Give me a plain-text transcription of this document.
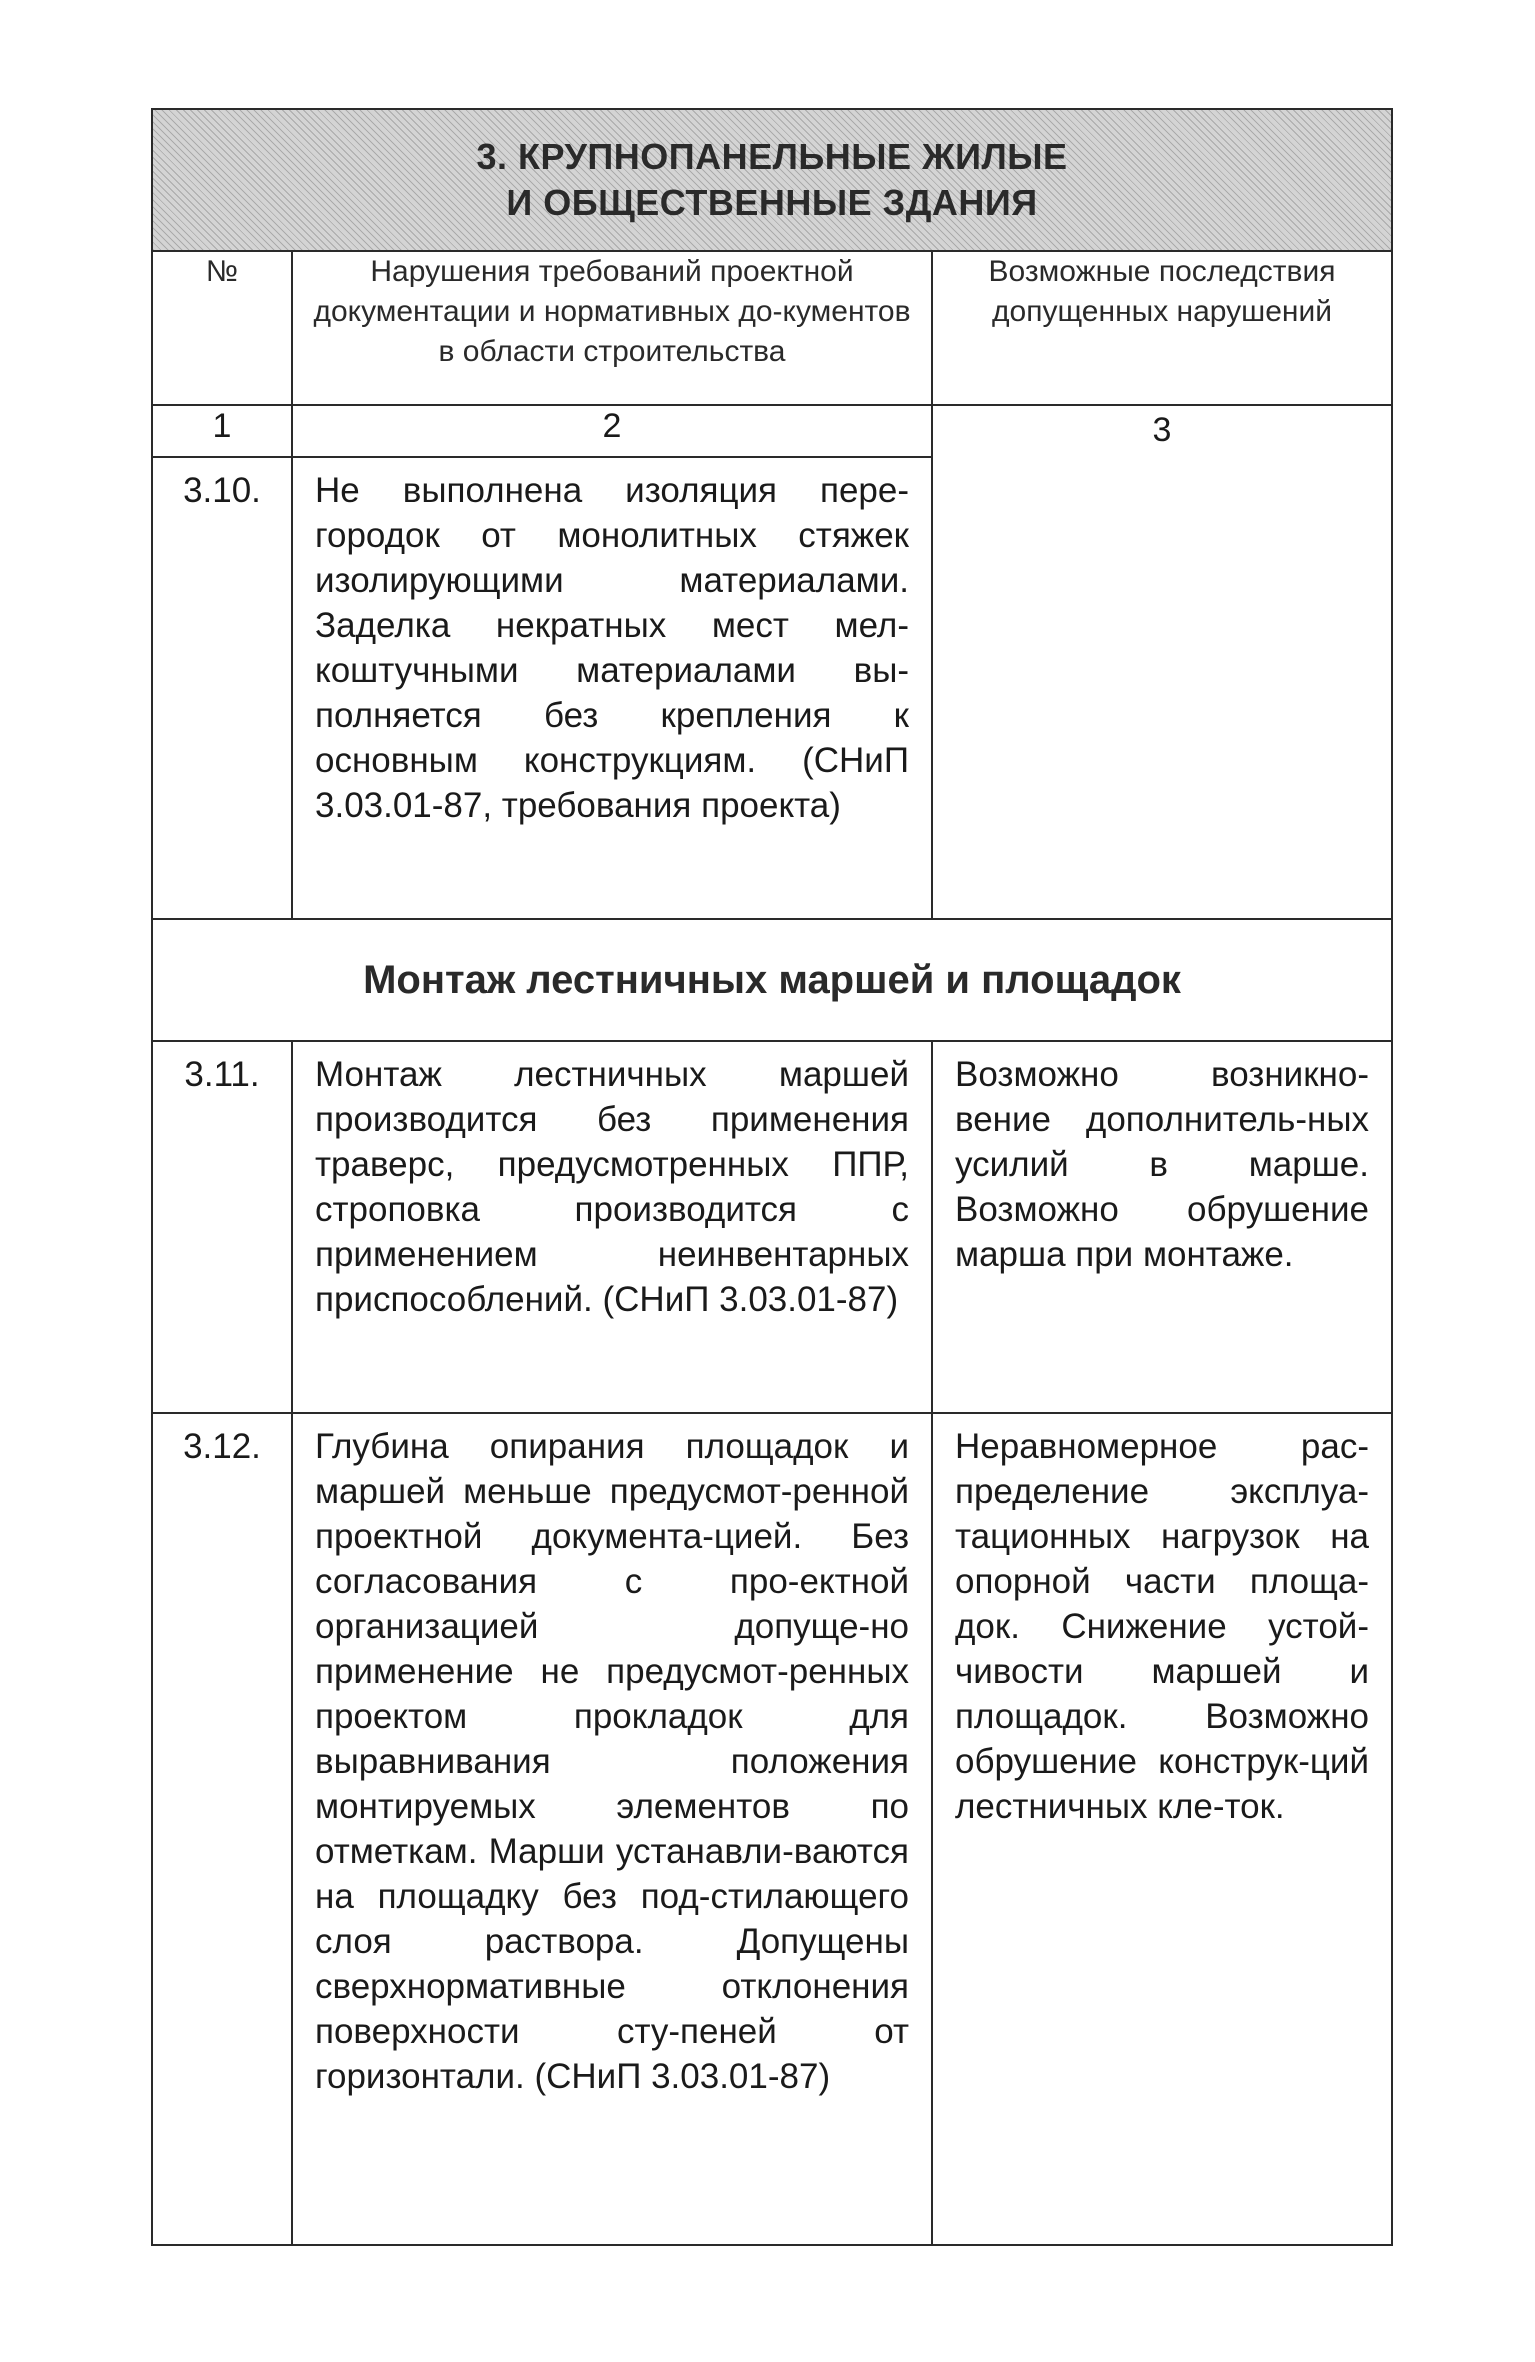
3. КРУПНОПАНЕЛЬНЫЕ ЖИЛЫЕ
И ОБЩЕСТВЕННЫЕ ЗДАНИЯ		

№	Нарушения требований проектной документации и нормативных до-кументов в области строительства	Возможные последствия допущенных нарушений
1	2	3

3.10.	Не выполнена изоляция пере-городок от монолитных стяжек изолирующими материалами. Заделка некратных мест мел-коштучными материалами вы-полняется без крепления к основным конструкциям. (СНиП 3.03.01-87, требования проекта)	

Монтаж лестничных маршей и площадок		

3.11.	Монтаж лестничных маршей производится без применения траверс, предусмотренных ППР, строповка производится с применением неинвентарных приспособлений. (СНиП 3.03.01-87)	Возможно возникно-вение дополнитель-ных усилий в марше. Возможно обрушение марша при монтаже.

3.12.	Глубина опирания площадок и маршей меньше предусмот-ренной проектной документа-цией. Без согласования с про-ектной организацией допуще-но применение не предусмот-ренных проектом прокладок для выравнивания положения монтируемых элементов по отметкам. Марши устанавли-ваются на площадку без под-стилающего слоя раствора. Допущены сверхнормативные отклонения поверхности сту-пеней от горизонтали. (СНиП 3.03.01-87)	Неравномерное рас-пределение эксплуа-тационных нагрузок на опорной части площа-док. Снижение устой-чивости маршей и площадок. Возможно обрушение конструк-ций лестничных кле-ток.
